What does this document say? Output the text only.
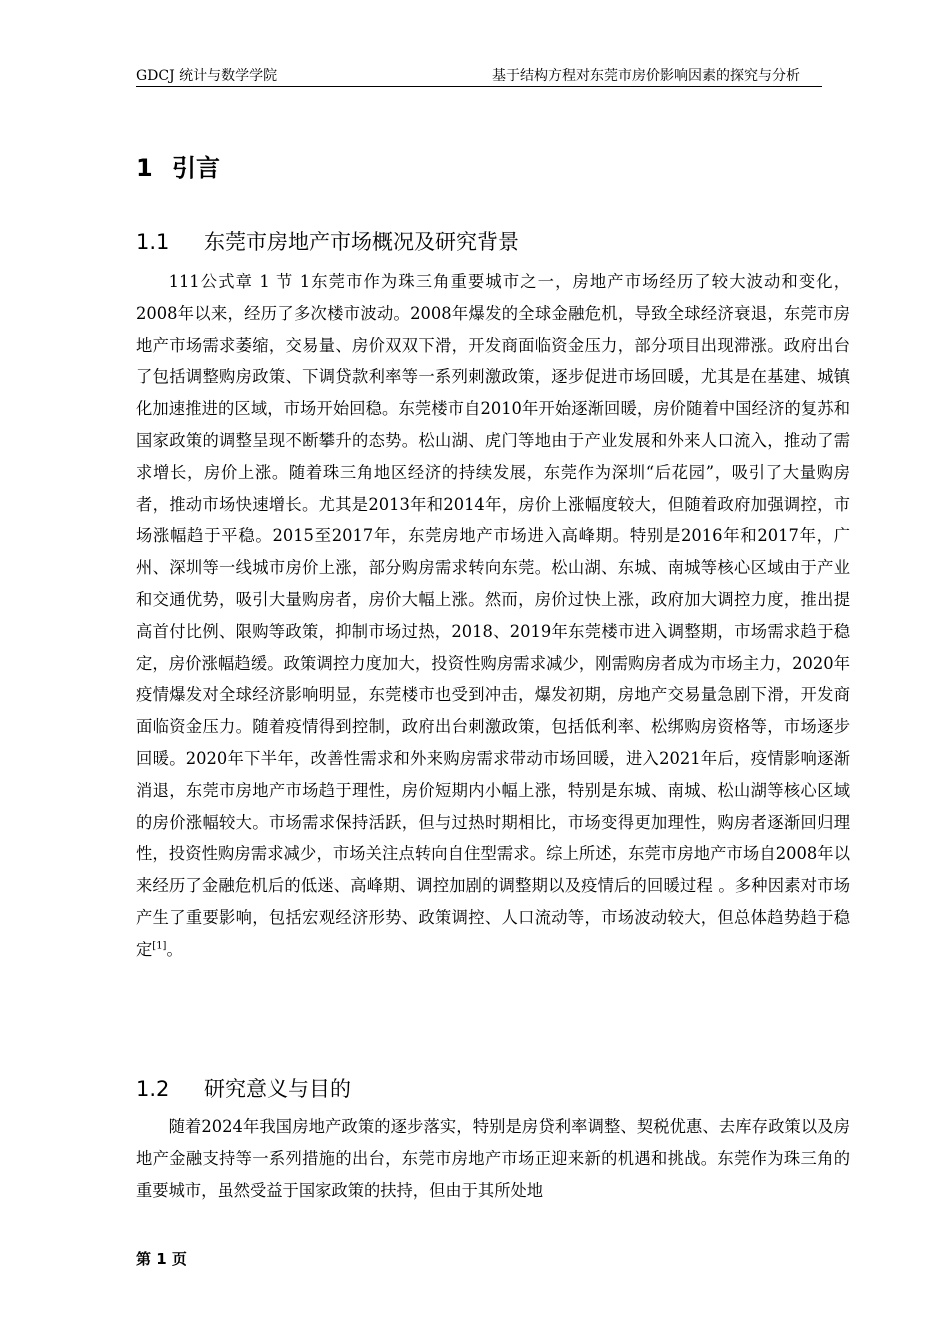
GDCJ 统计与数学学院	基于结构方程对东莞市房价影响因素的探究与分析
1 引言
1.1 东莞市房地产市场概况及研究背景

111公式章 1 节 1东莞市作为珠三角重要城市之一，房地产市场经历了较大波动和变化， 2008年以来，经历了多次楼市波动。2008年爆发的全球金融危机，导致全球经济衰退，东莞市房地产市场需求萎缩，交易量、房价双双下滑，开发商面临资金压力，部分项目出现滞涨。政府出台了包括调整购房政策、下调贷款利率等一系列刺激政策，逐步促进市场回暖，尤其是在基建、城镇化加速推进的区域，市场开始回稳。东莞楼市自2010年开始逐渐回暖，房价随着中国经济的复苏和国家政策的调整呈现不断攀升的态势。松山湖、虎门等地由于产业发展和外来人口流入，推动了需求增长，房价上涨。随着珠三角地区经济的持续发展，东莞作为深圳“后花园”，吸引了大量购房者，推动市场快速增长。尤其是2013年和2014年，房价上涨幅度较大，但随着政府加强调控，市场涨幅趋于平稳。2015至2017年，东莞房地产市场进入高峰期。特别是2016年和2017年，广州、深圳等一线城市房价上涨，部分购房需求转向东莞。松山湖、东城、南城等核心区域由于产业和交通优势，吸引大量购房者，房价大幅上涨。然而，房价过快上涨，政府加大调控力度，推出提高首付比例、限购等政策，抑制市场过热，2018、2019年东莞楼市进入调整期，市场需求趋于稳定，房价涨幅趋缓。政策调控力度加大，投资性购房需求减少，刚需购房者成为市场主力，2020年疫情爆发对全球经济影响明显，东莞楼市也受到冲击，爆发初期，房地产交易量急剧下滑，开发商面临资金压力。随着疫情得到控制，政府出台刺激政策，包括低利率、松绑购房资格等，市场逐步回暖。2020年下半年，改善性需求和外来购房需求带动市场回暖，进入2021年后，疫情影响逐渐消退，东莞市房地产市场趋于理性，房价短期内小幅上涨，特别是东城、南城、松山湖等核心区域的房价涨幅较大。市场需求保持活跃，但与过热时期相比，市场变得更加理性，购房者逐渐回归理性，投资性购房需求减少，市场关注点转向自住型需求。综上所述，东莞市房地产市场自2008年以来经历了金融危机后的低迷、高峰期、调控加剧的调整期以及疫情后的回暖过程 。多种因素对市场产生了重要影响，包括宏观经济形势、政策调控、人口流动等，市场波动较大，但总体趋势趋于稳定[1]。

1.2 研究意义与目的

随着2024年我国房地产政策的逐步落实，特别是房贷利率调整、契税优惠、去库存政策以及房地产金融支持等一系列措施的出台，东莞市房地产市场正迎来新的机遇和挑战。东莞作为珠三角的重要城市，虽然受益于国家政策的扶持，但由于其所处地

第 1 页
